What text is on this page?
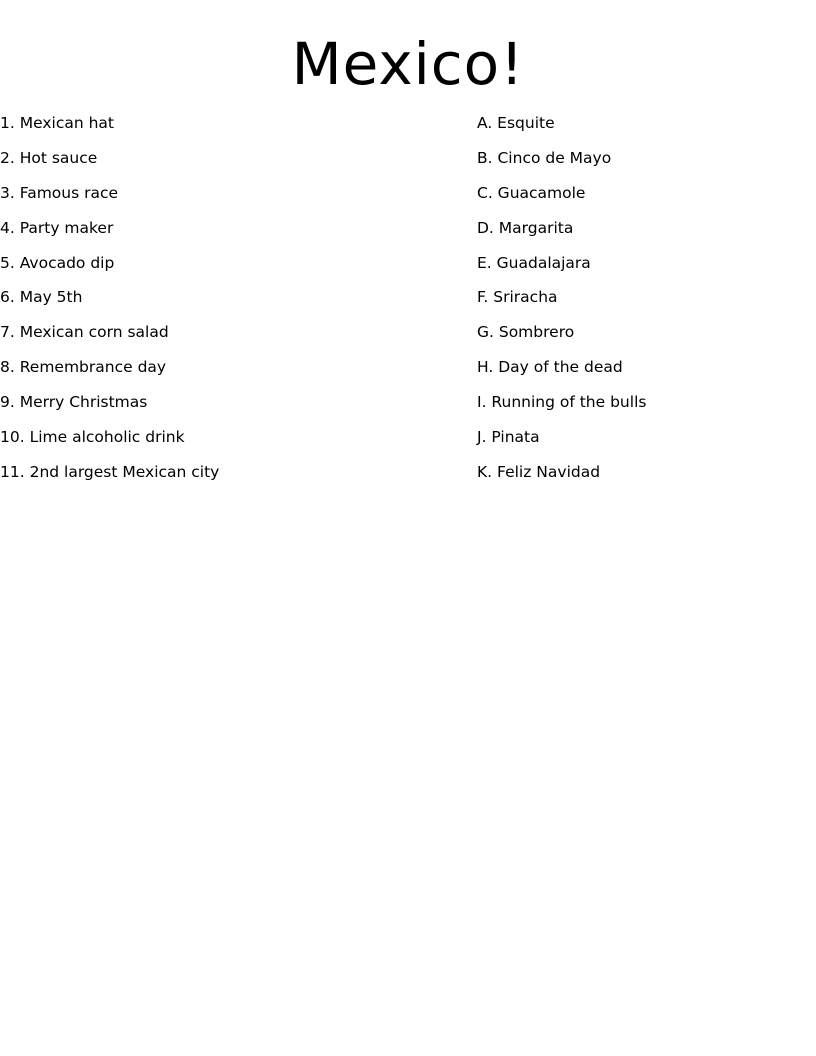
Mexico!
1. Mexican hat
2. Hot sauce
3. Famous race
4. Party maker
5. Avocado dip
6. May 5th
7. Mexican corn salad
8. Remembrance day
9. Merry Christmas
10. Lime alcoholic drink
11. 2nd largest Mexican city
A. Esquite
B. Cinco de Mayo
C. Guacamole
D. Margarita
E. Guadalajara
F. Sriracha
G. Sombrero
H. Day of the dead
I. Running of the bulls
J. Pinata
K. Feliz Navidad
